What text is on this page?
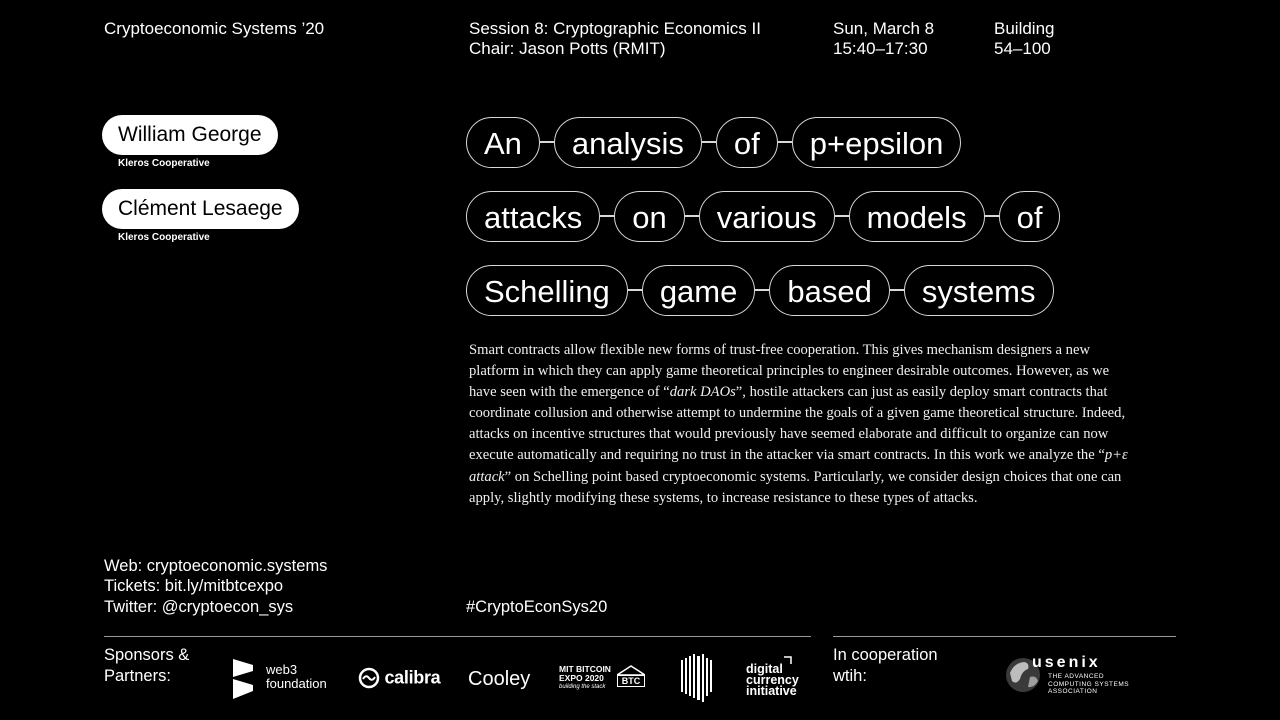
Cryptoeconomic Systems ’20	Session 8: Cryptographic Economics II
Chair: Jason Potts (RMIT)
Sun, March 8
15:40–17:30
Building
54–100
William George
Kleros Cooperative
Clément Lesaege
Kleros Cooperative
An	analysis	of	p+epsilon
attacks	on	various	models	of
Schelling	game	based	systems
Smart contracts allow flexible new forms of trust-free cooperation. This gives mechanism designers a new platform in which they can apply game theoretical principles to engineer desirable outcomes. However, as we have seen with the emergence of “dark DAOs”, hostile attackers can just as easily deploy smart contracts that coordinate collusion and otherwise attempt to undermine the goals of a given game theoretical structure. Indeed, attacks on incentive structures that would previously have seemed elaborate and difficult to organize can now execute automatically and requiring no trust in the attacker via smart contracts. In this work we analyze the “p+ε attack” on Schelling point based cryptoeconomic systems. Particularly, we consider design choices that one can apply, slightly modifying these systems, to increase resistance to these types of attacks.
Web: cryptoeconomic.systems
Tickets: bit.ly/mitbtcexpo
Twitter: @cryptoecon_sys	#CryptoEconSys20
Sponsors &
Partners:	web3
foundation	calibra Cooley	MIT BITCOIN
EXPO 2020
building the stack
BTC
digital
currency
initiative
In cooperation
wtih:
usenix
THE ADVANCED
COMPUTING SYSTEMS
ASSOCIATION
